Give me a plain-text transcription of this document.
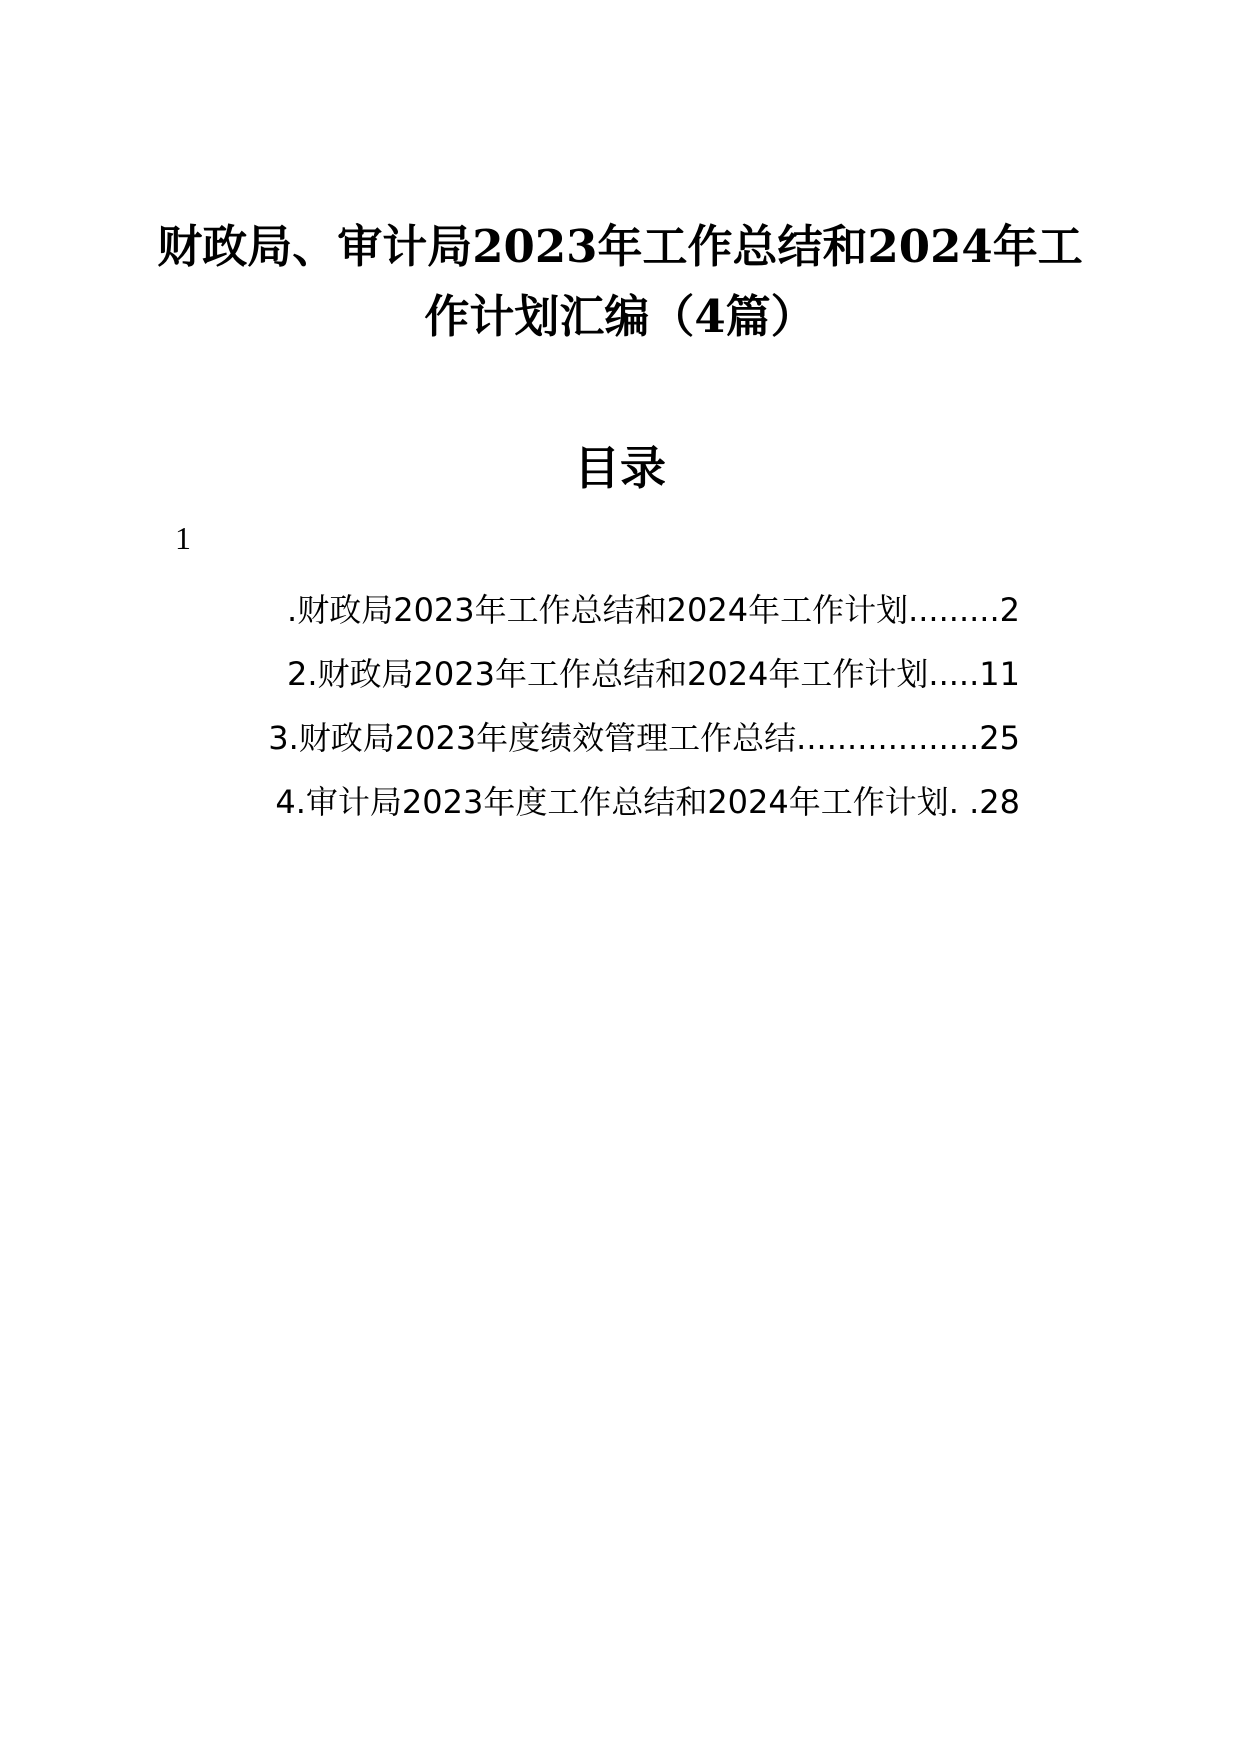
财政局、审计局2023年工作总结和2024年工
作计划汇编（4篇）
目录
1
.财政局2023年工作总结和2024年工作计划.........2
2.财政局2023年工作总结和2024年工作计划.....11
3.财政局2023年度绩效管理工作总结..................25
4.审计局2023年度工作总结和2024年工作计划. .28
